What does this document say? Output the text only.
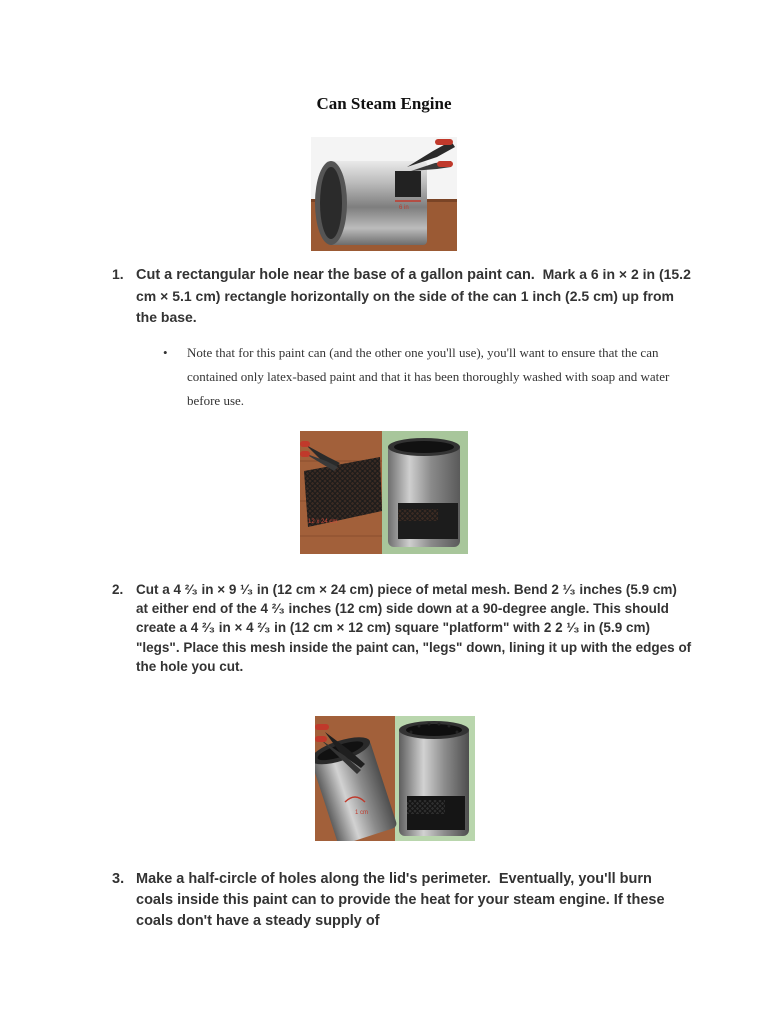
Can Steam Engine
6 in
1. Cut a rectangular hole near the base of a gallon paint can. Mark a 6 in × 2 in (15.2 cm × 5.1 cm) rectangle horizontally on the side of the can 1 inch (2.5 cm) up from the base.
• Note that for this paint can (and the other one you'll use), you'll want to ensure that the can contained only latex-based paint and that it has been thoroughly washed with soap and water before use.
12 x 24 cm
2. Cut a 4 ²⁄₃ in × 9 ¹⁄₃ in (12 cm × 24 cm) piece of metal mesh. Bend 2 ¹⁄₃ inches (5.9 cm) at either end of the 4 ²⁄₃ inches (12 cm) side down at a 90-degree angle. This should create a 4 ²⁄₃ in × 4 ²⁄₃ in (12 cm × 12 cm) square "platform" with 2 2 ¹⁄₃ in (5.9 cm) "legs". Place this mesh inside the paint can, "legs" down, lining it up with the edges of the hole you cut.
1 cm
3. Make a half-circle of holes along the lid's perimeter. Eventually, you'll burn coals inside this paint can to provide the heat for your steam engine. If these coals don't have a steady supply of
